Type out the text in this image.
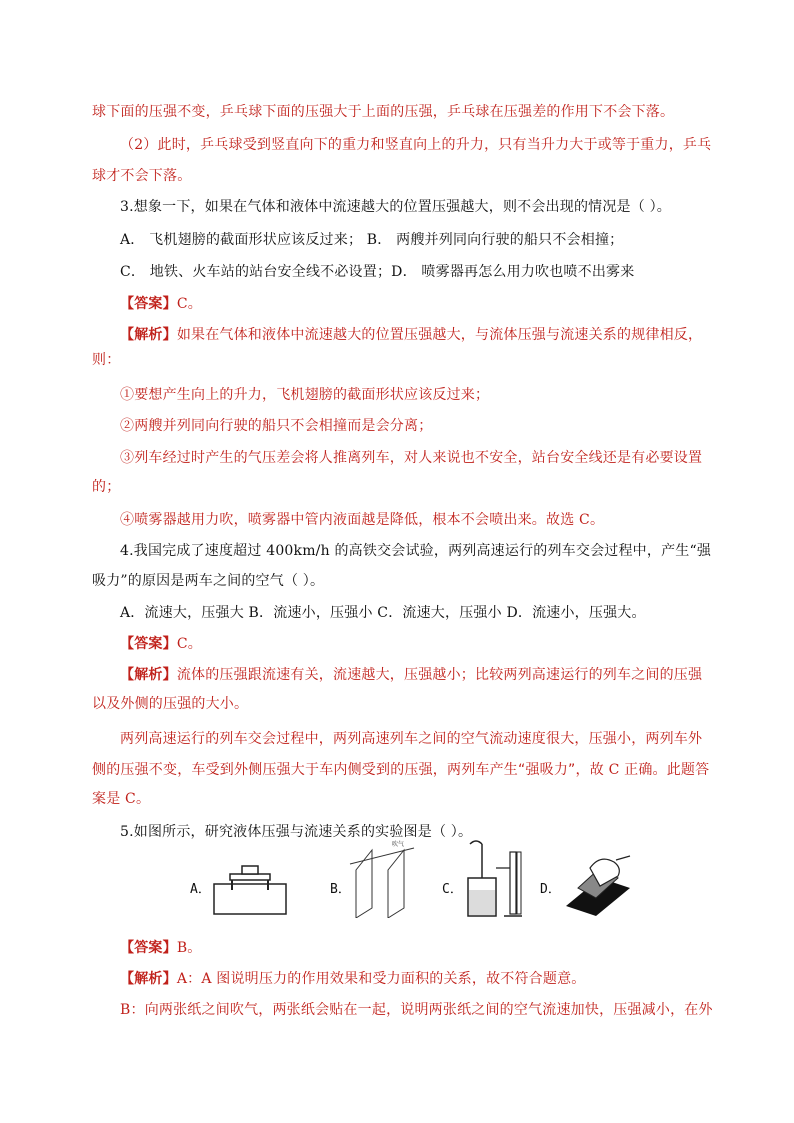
球下面的压强不变，乒乓球下面的压强大于上面的压强，乒乓球在压强差的作用下不会下落。
（2）此时，乒乓球受到竖直向下的重力和竖直向上的升力，只有当升力大于或等于重力，乒乓
球才不会下落。
3.想象一下，如果在气体和液体中流速越大的位置压强越大，则不会出现的情况是（ ）。
A． 飞机翅膀的截面形状应该反过来； B． 两艘并列同向行驶的船只不会相撞；
C． 地铁、火车站的站台安全线不必设置；D． 喷雾器再怎么用力吹也喷不出雾来
【答案】C。
【解析】如果在气体和液体中流速越大的位置压强越大，与流体压强与流速关系的规律相反，
则：
①要想产生向上的升力，飞机翅膀的截面形状应该反过来；
②两艘并列同向行驶的船只不会相撞而是会分离；
③列车经过时产生的气压差会将人推离列车，对人来说也不安全，站台安全线还是有必要设置
的；
④喷雾器越用力吹，喷雾器中管内液面越是降低，根本不会喷出来。故选 C。
4.我国完成了速度超过 400km/h 的高铁交会试验，两列高速运行的列车交会过程中，产生“强
吸力”的原因是两车之间的空气（ ）。
A．流速大，压强大 B．流速小，压强小 C．流速大，压强小 D．流速小，压强大。
【答案】C。
【解析】流体的压强跟流速有关，流速越大，压强越小；比较两列高速运行的列车之间的压强
以及外侧的压强的大小。
两列高速运行的列车交会过程中，两列高速列车之间的空气流动速度很大，压强小，两列车外
侧的压强不变，车受到外侧压强大于车内侧受到的压强，两列车产生“强吸力”，故 C 正确。此题答
案是 C。
5.如图所示，研究液体压强与流速关系的实验图是（ ）。
A．	B．
吹气
C．	D．
【答案】B。
【解析】A：A 图说明压力的作用效果和受力面积的关系，故不符合题意。
B：向两张纸之间吹气，两张纸会贴在一起，说明两张纸之间的空气流速加快，压强减小，在外
